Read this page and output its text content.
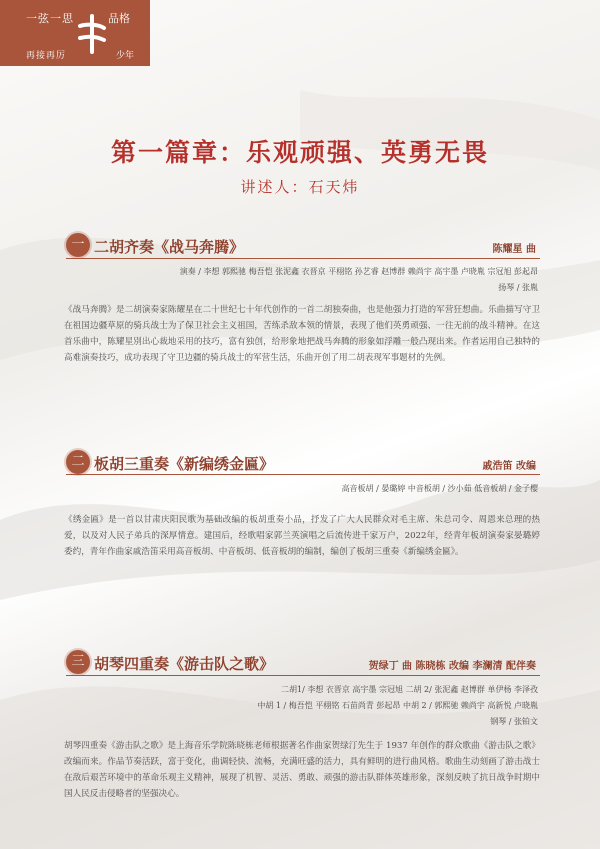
一弦一思	品格
再接再厉	少年
第一篇章：乐观顽强、英勇无畏
讲述人：石天炜
一 二胡齐奏《战马奔腾》	陈耀星 曲
演奏 / 李想 郭熙驰 梅吾恺 张泥鑫 衣晋京 平栩铭 孙艺睿 赵博群 赖尚宇 高宇墨 卢晓胤 宗冠旭 彭起昂
扬琴 / 张胤
《战马奔腾》是二胡演奏家陈耀星在二十世纪七十年代创作的一首二胡独奏曲，也是他强力打造的军营狂想曲。乐曲描写守卫在祖国边疆草原的骑兵战士为了保卫社会主义祖国，苦练杀敌本领的情景，表现了他们英勇顽强、一往无前的战斗精神。在这首乐曲中，陈耀星別出心裁地采用的技巧，富有独创，给形象地把战马奔腾的形象如浮雕一般凸现出来。作者运用自己独特的高难演奏技巧，成功表现了守卫边疆的骑兵战士的军营生活，乐曲开创了用二胡表现军事题材的先例。
二 板胡三重奏《新编绣金匾》	戚浩笛 改编
高音板胡 / 晏璐婷 中音板胡 / 沙小茹 低音板胡 / 金子樱
《绣金匾》是一首以甘肃庆阳民歌为基础改编的板胡重奏小品，抒发了广大人民群众对毛主席、朱总司令、周恩来总理的热爱，以及对人民子弟兵的深厚情意。建国后，经歌唱家郭兰英演唱之后流传进千家万户，2022年，经青年板胡演奏家晏璐婷委约，青年作曲家戚浩笛采用高音板胡、中音板胡、低音板胡的编制，编创了板胡三重奏《新编绣金匾》。
三 胡琴四重奏《游击队之歌》	贺绿丁 曲 陈晓栋 改编 李澜清 配伴奏
二胡1/ 李想 衣晋京 高宇墨 宗冠旭 二胡 2/ 张泥鑫 赵博群 单伊杨 李泽孜
中胡 1 / 梅吾恺 平栩铭 石苗尚青 彭起昂 中胡 2 / 郭熙驰 赖尚宇 高新悦 卢晓胤
钢琴 / 张铂文
胡琴四重奏《游击队之歌》是上海音乐学院陈晓栋老师根据著名作曲家贺绿汀先生于 1937 年创作的群众歌曲《游击队之歌》改编而来。作品节奏活跃，富于变化，曲调轻快、流畅，充满旺盛的活力，具有鲜明的进行曲风格。歌曲生动刻画了游击战士在敌后艰苦环境中的革命乐观主义精神，展现了机智、灵活、勇敢、顽强的游击队群体英雄形象，深刻反映了抗日战争时期中国人民反击侵略者的坚强决心。
